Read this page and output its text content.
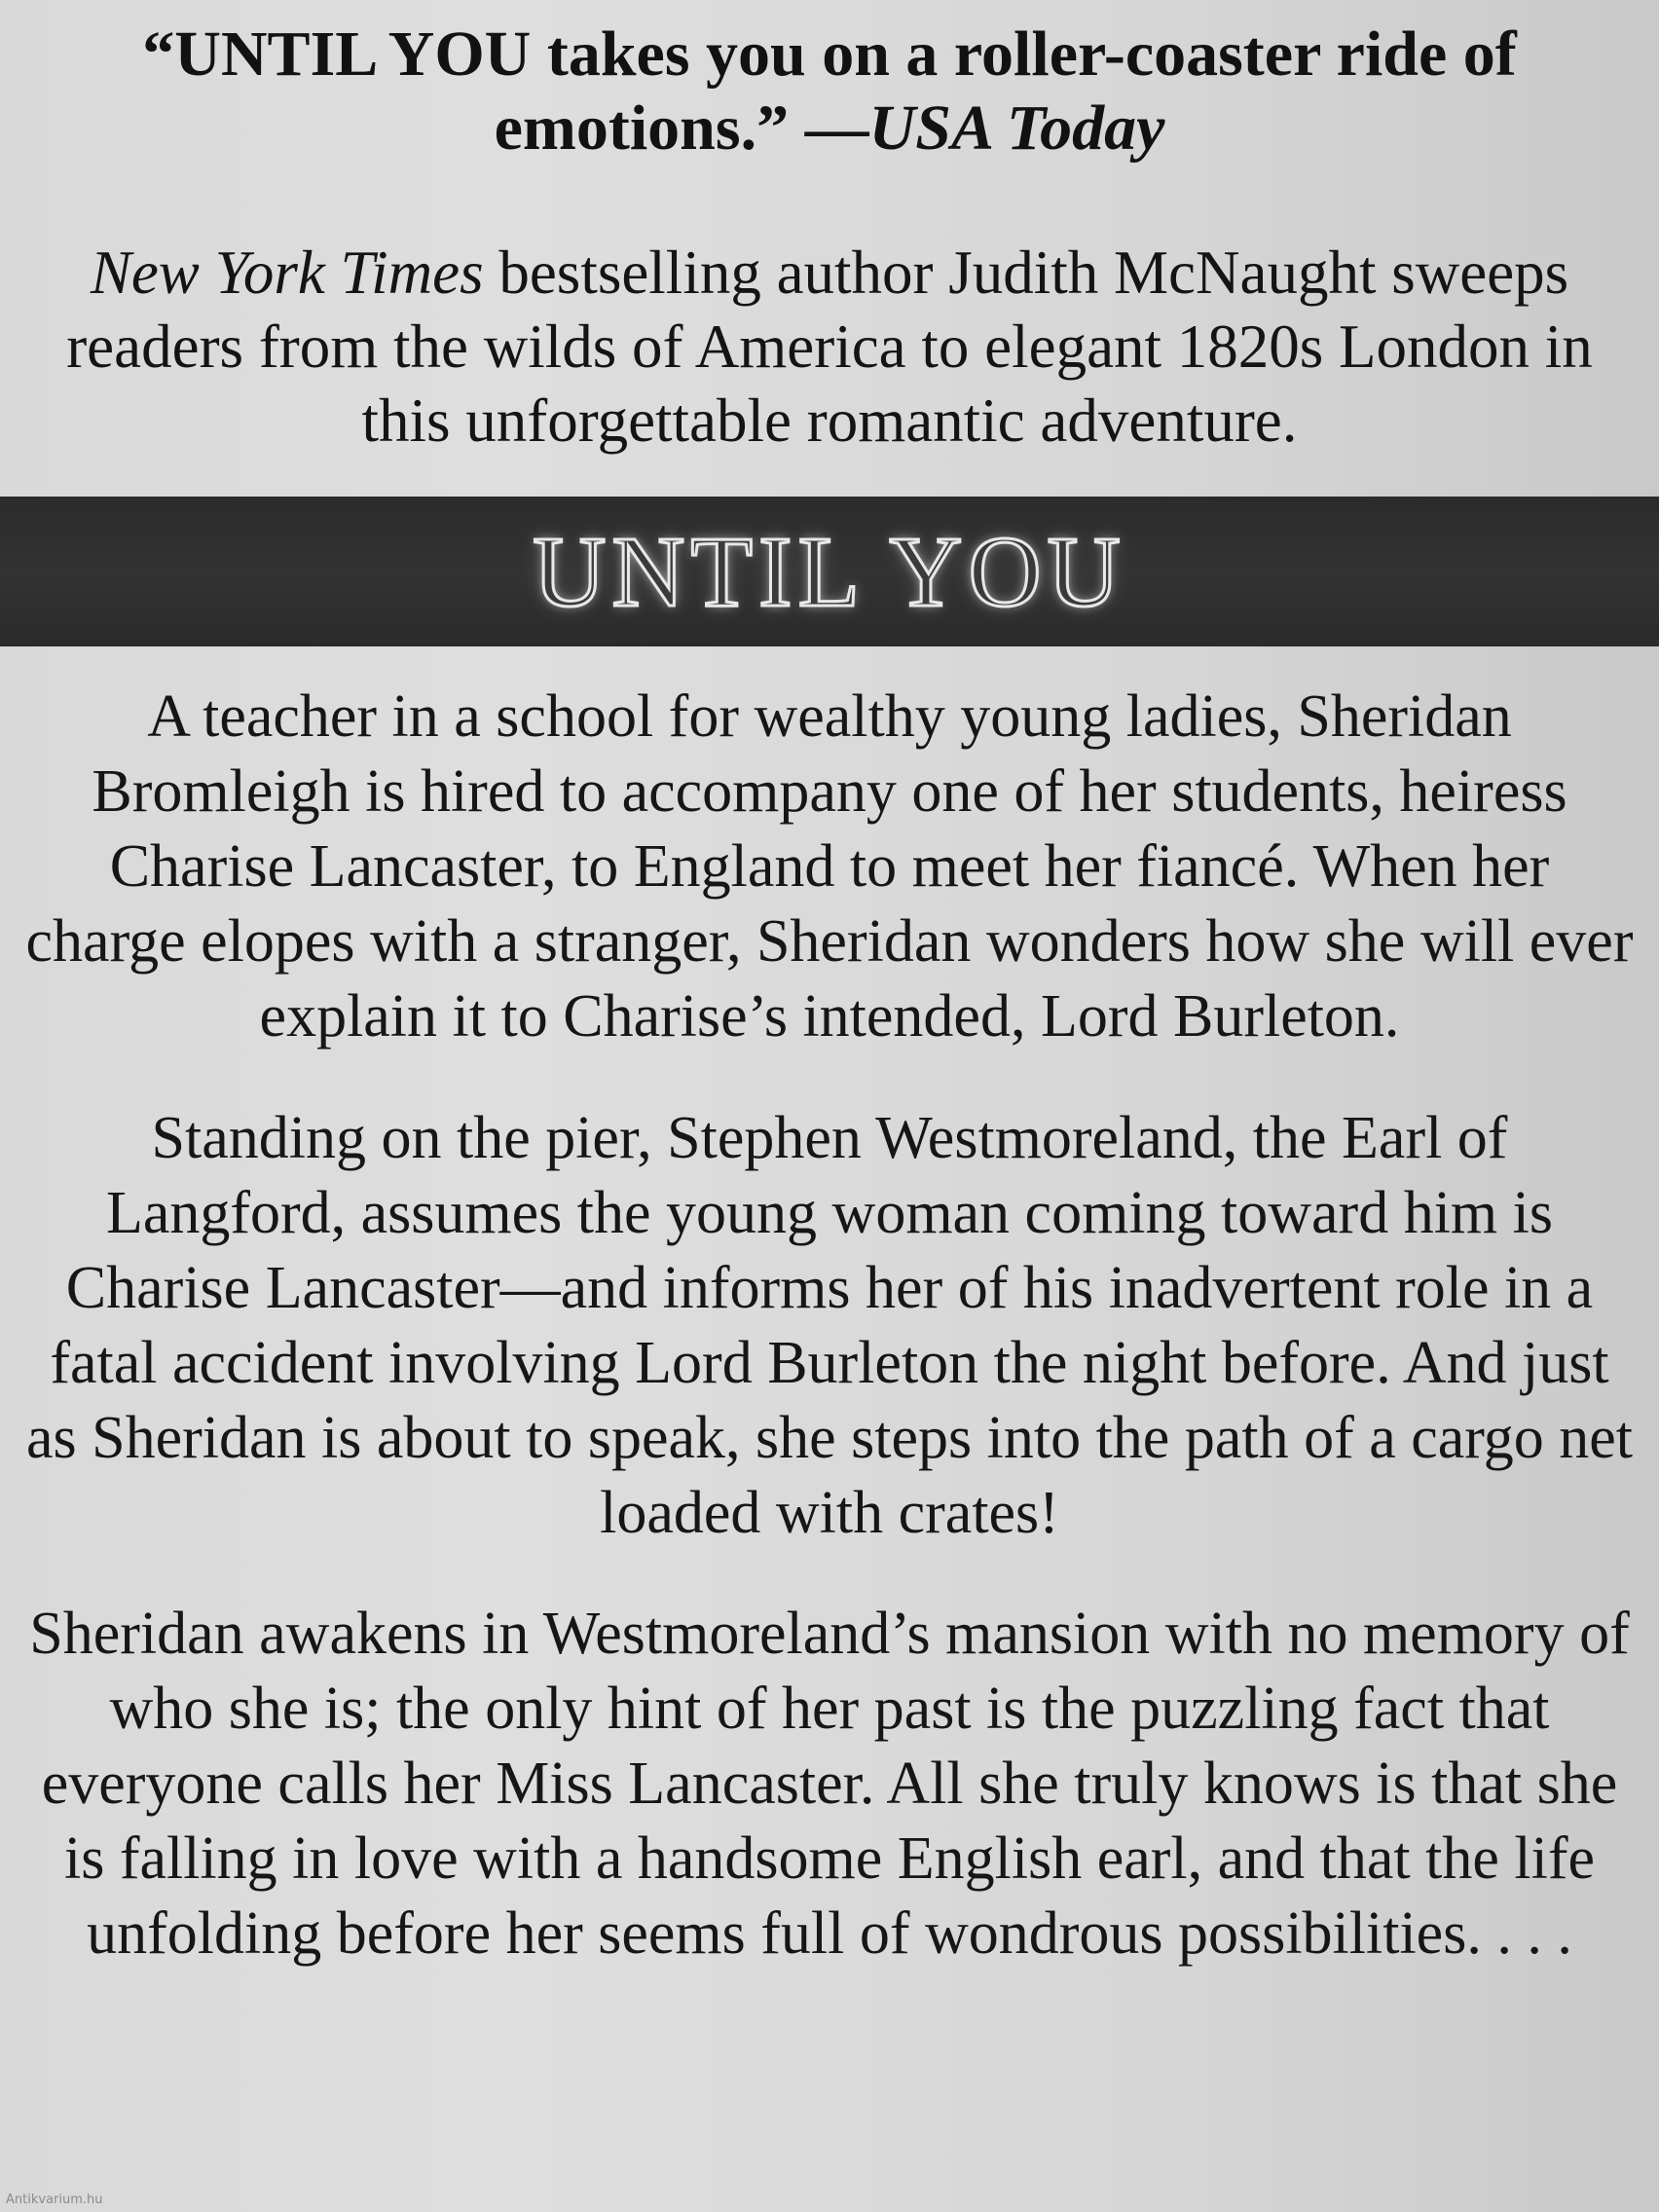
“UNTIL YOU takes you on a roller-coaster ride of emotions.” —USA Today
New York Times bestselling author Judith McNaught sweeps readers from the wilds of America to elegant 1820s London in this unforgettable romantic adventure.
UNTIL YOU

A teacher in a school for wealthy young ladies, Sheridan Bromleigh is hired to accompany one of her students, heiress Charise Lancaster, to England to meet her fiancé. When her charge elopes with a stranger, Sheridan wonders how she will ever explain it to Charise’s intended, Lord Burleton.

Standing on the pier, Stephen Westmoreland, the Earl of Langford, assumes the young woman coming toward him is Charise Lancaster—and informs her of his inadvertent role in a fatal accident involving Lord Burleton the night before. And just as Sheridan is about to speak, she steps into the path of a cargo net loaded with crates!

Sheridan awakens in Westmoreland’s mansion with no memory of who she is; the only hint of her past is the puzzling fact that everyone calls her Miss Lancaster. All she truly knows is that she is falling in love with a handsome English earl, and that the life unfolding before her seems full of wondrous possibilities. . . .

Antikvarium.hu
